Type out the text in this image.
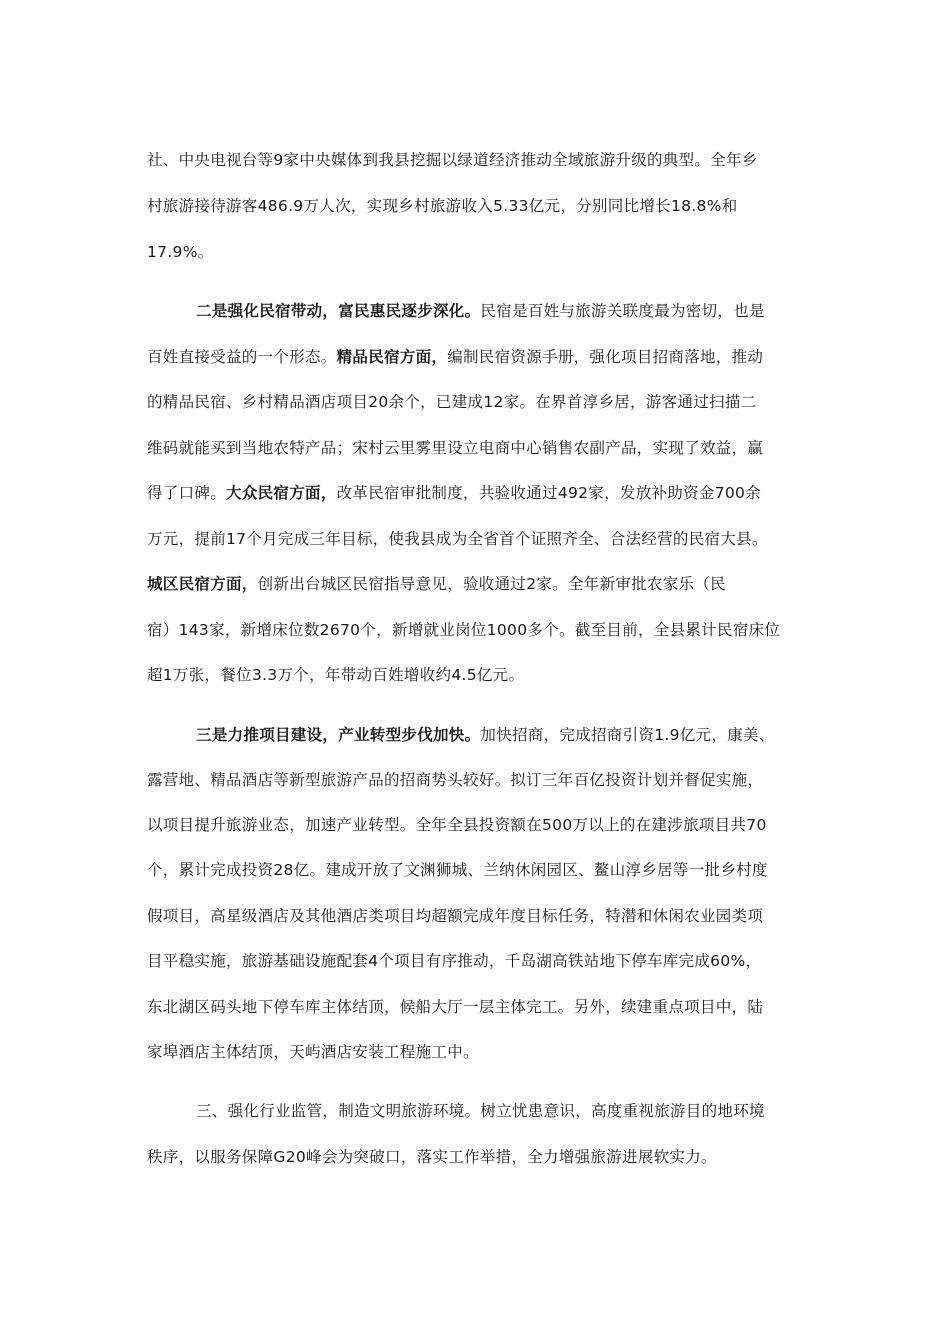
社、中央电视台等9家中央媒体到我县挖掘以绿道经济推动全域旅游升级的典型。全年乡
村旅游接待游客486.9万人次，实现乡村旅游收入5.33亿元，分别同比增长18.8%和
17.9%。
二是强化民宿带动，富民惠民逐步深化。民宿是百姓与旅游关联度最为密切，也是
百姓直接受益的一个形态。精品民宿方面，编制民宿资源手册，强化项目招商落地，推动
的精品民宿、乡村精品酒店项目20余个，已建成12家。在界首淳乡居，游客通过扫描二
维码就能买到当地农特产品；宋村云里雾里设立电商中心销售农副产品，实现了效益，赢
得了口碑。大众民宿方面，改革民宿审批制度，共验收通过492家，发放补助资金700余
万元，提前17个月完成三年目标，使我县成为全省首个证照齐全、合法经营的民宿大县。
城区民宿方面，创新出台城区民宿指导意见，验收通过2家。全年新审批农家乐（民
宿）143家，新增床位数2670个，新增就业岗位1000多个。截至目前，全县累计民宿床位
超1万张，餐位3.3万个，年带动百姓增收约4.5亿元。
三是力推项目建设，产业转型步伐加快。加快招商，完成招商引资1.9亿元，康美、
露营地、精品酒店等新型旅游产品的招商势头较好。拟订三年百亿投资计划并督促实施，
以项目提升旅游业态，加速产业转型。全年全县投资额在500万以上的在建涉旅项目共70
个，累计完成投资28亿。建成开放了文渊狮城、兰纳休闲园区、鳌山淳乡居等一批乡村度
假项目，高星级酒店及其他酒店类项目均超额完成年度目标任务，特潜和休闲农业园类项
目平稳实施，旅游基础设施配套4个项目有序推动，千岛湖高铁站地下停车库完成60%，
东北湖区码头地下停车库主体结顶，候船大厅一层主体完工。另外，续建重点项目中，陆
家埠酒店主体结顶，天屿酒店安装工程施工中。
三、强化行业监管，制造文明旅游环境。树立忧患意识，高度重视旅游目的地环境
秩序，以服务保障G20峰会为突破口，落实工作举措，全力增强旅游进展软实力。
